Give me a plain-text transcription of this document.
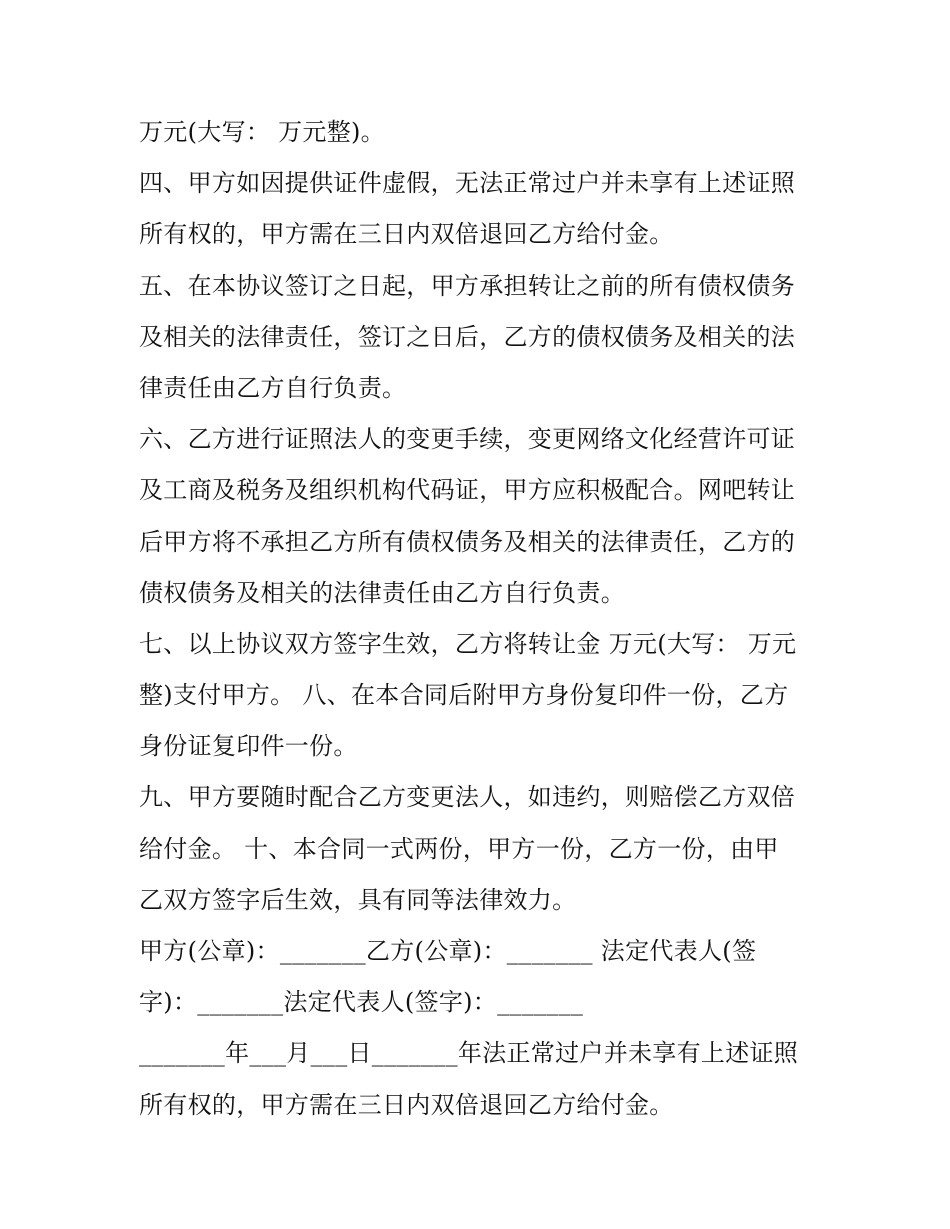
万元(大写： 万元整)。
四、甲方如因提供证件虚假，无法正常过户并未享有上述证照
所有权的，甲方需在三日内双倍退回乙方给付金。
五、在本协议签订之日起，甲方承担转让之前的所有债权债务
及相关的法律责任，签订之日后，乙方的债权债务及相关的法
律责任由乙方自行负责。
六、乙方进行证照法人的变更手续，变更网络文化经营许可证
及工商及税务及组织机构代码证，甲方应积极配合。网吧转让
后甲方将不承担乙方所有债权债务及相关的法律责任，乙方的
债权债务及相关的法律责任由乙方自行负责。
七、以上协议双方签字生效，乙方将转让金 万元(大写： 万元
整)支付甲方。 八、在本合同后附甲方身份复印件一份，乙方
身份证复印件一份。
九、甲方要随时配合乙方变更法人，如违约，则赔偿乙方双倍
给付金。 十、本合同一式两份，甲方一份，乙方一份，由甲
乙双方签字后生效，具有同等法律效力。
甲方(公章)：_______乙方(公章)：_______ 法定代表人(签
字)：_______法定代表人(签字)：_______
_______年___月___日_______年法正常过户并未享有上述证照
所有权的，甲方需在三日内双倍退回乙方给付金。
